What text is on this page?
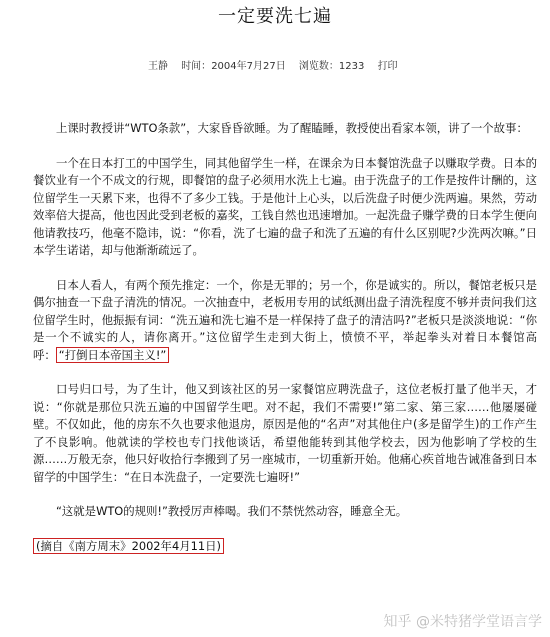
一定要洗七遍
王静 时间：2004年7月27日 浏览数：1233 打印

上课时教授讲“WTO条款”，大家昏昏欲睡。为了醒瞌睡，教授使出看家本领，讲了一个故事：

一个在日本打工的中国学生，同其他留学生一样，在课余为日本餐馆洗盘子以赚取学费。日本的餐饮业有一个不成文的行规，即餐馆的盘子必须用水洗上七遍。由于洗盘子的工作是按件计酬的，这位留学生一天累下来，也得不了多少工钱。于是他计上心头，以后洗盘子时便少洗两遍。果然，劳动效率倍大提高，他也因此受到老板的嘉奖，工钱自然也迅速增加。一起洗盘子赚学费的日本学生便向他请教技巧，他毫不隐讳，说：“你看，洗了七遍的盘子和洗了五遍的有什么区别呢?少洗两次嘛。”日本学生诺诺，却与他渐渐疏远了。

日本人看人，有两个预先推定：一个，你是无罪的；另一个，你是诚实的。所以，餐馆老板只是偶尔抽查一下盘子清洗的情况。一次抽查中，老板用专用的试纸测出盘子清洗程度不够并责问我们这位留学生时，他振振有词：“洗五遍和洗七遍不是一样保持了盘子的清洁吗?”老板只是淡淡地说：“你是一个不诚实的人，请你离开。”这位留学生走到大街上，愤愤不平，举起拳头对着日本餐馆高呼： “打倒日本帝国主义!”

口号归口号，为了生计，他又到该社区的另一家餐馆应聘洗盘子，这位老板打量了他半天，才说：“你就是那位只洗五遍的中国留学生吧。对不起，我们不需要!”第二家、第三家……他屡屡碰壁。不仅如此，他的房东不久也要求他退房，原因是他的“名声”对其他住户(多是留学生)的工作产生了不良影响。他就读的学校也专门找他谈话，希望他能转到其他学校去，因为他影响了学校的生源……万般无奈，他只好收拾行李搬到了另一座城市，一切重新开始。他痛心疾首地告诫准备到日本留学的中国学生：“在日本洗盘子，一定要洗七遍呀!”

“这就是WTO的规则!”教授厉声棒喝。我们不禁恍然动容，睡意全无。

(摘自《南方周末》2002年4月11日)

知乎 @米特猪学堂语言学
